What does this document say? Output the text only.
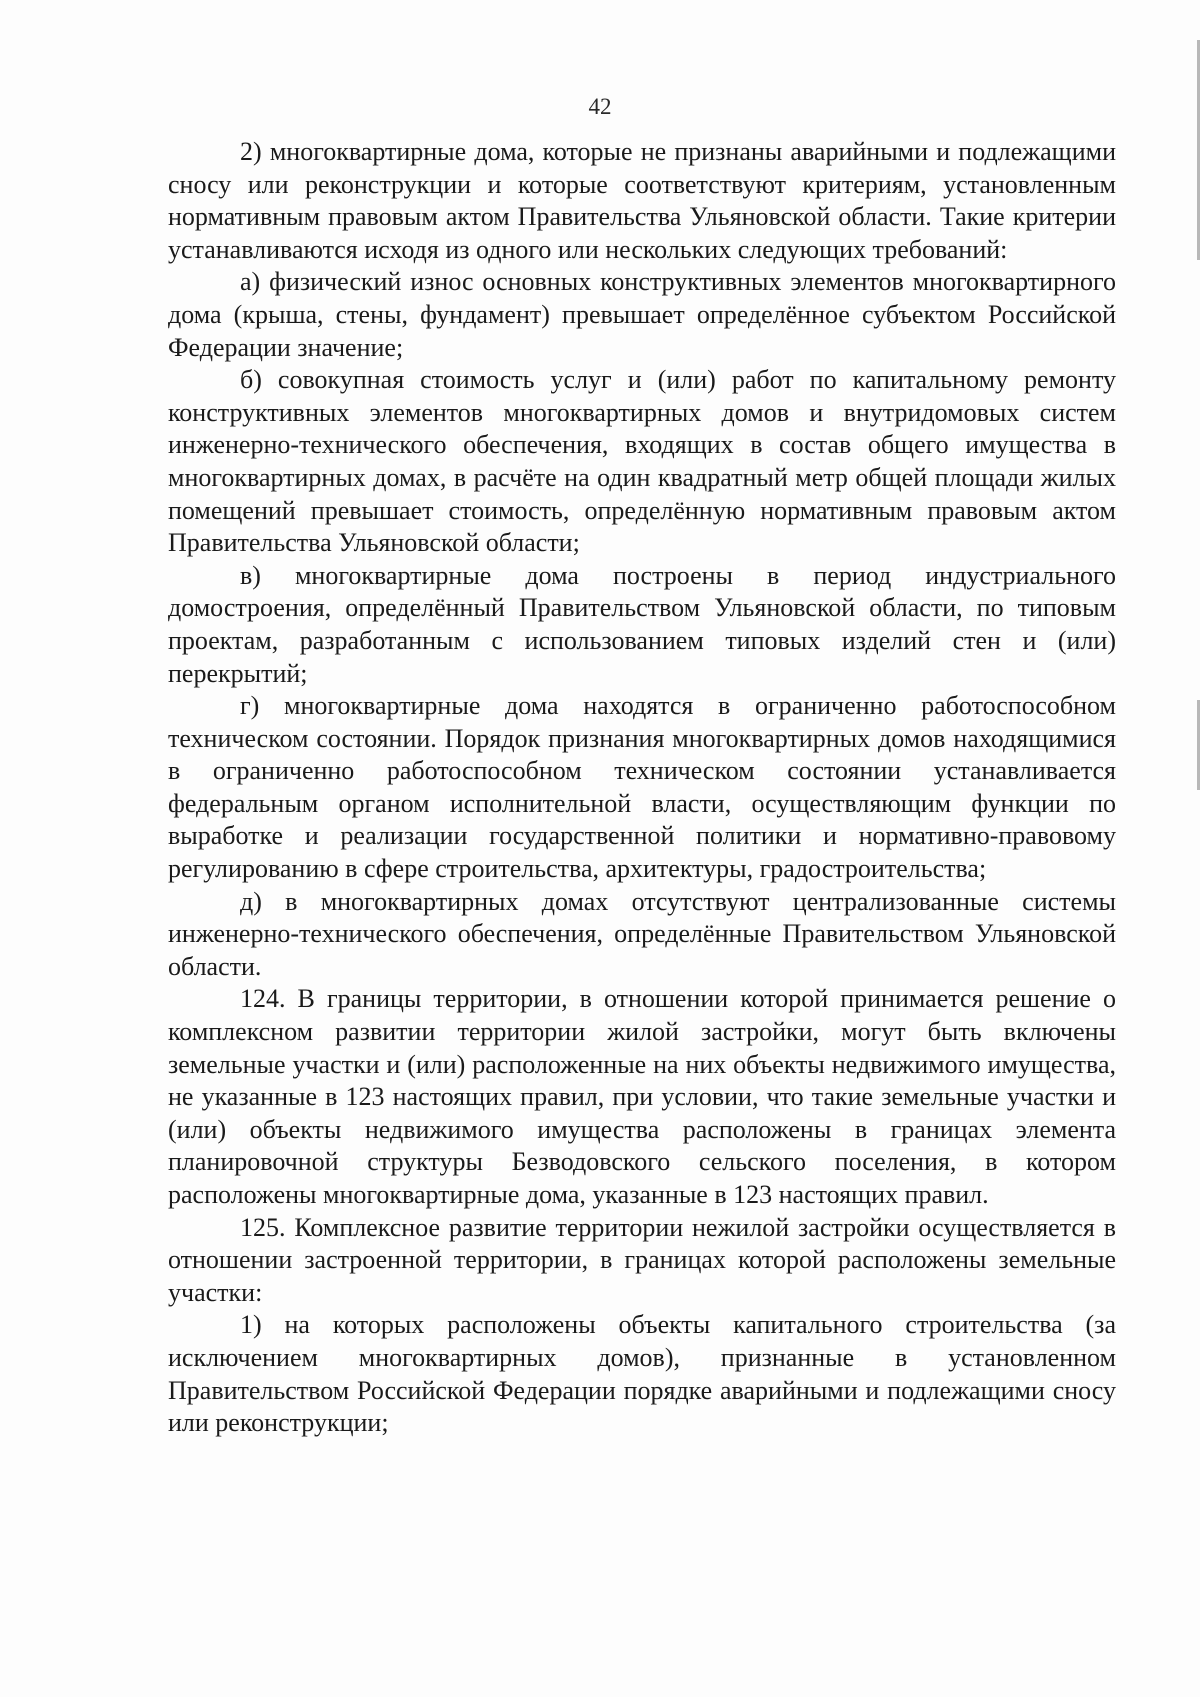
42

2) многоквартирные дома, которые не признаны аварийными и подлежащими сносу или реконструкции и которые соответствуют критериям, установленным нормативным правовым актом Правительства Ульяновской области. Такие критерии устанавливаются исходя из одного или нескольких следующих требований:

а) физический износ основных конструктивных элементов многоквартирного дома (крыша, стены, фундамент) превышает определённое субъектом Российской Федерации значение;

б) совокупная стоимость услуг и (или) работ по капитальному ремонту конструктивных элементов многоквартирных домов и внутридомовых систем инженерно-технического обеспечения, входящих в состав общего имущества в многоквартирных домах, в расчёте на один квадратный метр общей площади жилых помещений превышает стоимость, определённую нормативным правовым актом Правительства Ульяновской области;

в) многоквартирные дома построены в период индустриального домостроения, определённый Правительством Ульяновской области, по типовым проектам, разработанным с использованием типовых изделий стен и (или) перекрытий;

г) многоквартирные дома находятся в ограниченно работоспособном техническом состоянии. Порядок признания многоквартирных домов находящимися в ограниченно работоспособном техническом состоянии устанавливается федеральным органом исполнительной власти, осуществляющим функции по выработке и реализации государственной политики и нормативно-правовому регулированию в сфере строительства, архитектуры, градостроительства;

д) в многоквартирных домах отсутствуют централизованные системы инженерно-технического обеспечения, определённые Правительством Ульяновской области.

124. В границы территории, в отношении которой принимается решение о комплексном развитии территории жилой застройки, могут быть включены земельные участки и (или) расположенные на них объекты недвижимого имущества, не указанные в 123 настоящих правил, при условии, что такие земельные участки и (или) объекты недвижимого имущества расположены в границах элемента планировочной структуры Безводовского сельского поселения, в котором расположены многоквартирные дома, указанные в 123 настоящих правил.

125. Комплексное развитие территории нежилой застройки осуществляется в отношении застроенной территории, в границах которой расположены земельные участки:

1) на которых расположены объекты капитального строительства (за исключением многоквартирных домов), признанные в установленном Правительством Российской Федерации порядке аварийными и подлежащими сносу или реконструкции;
